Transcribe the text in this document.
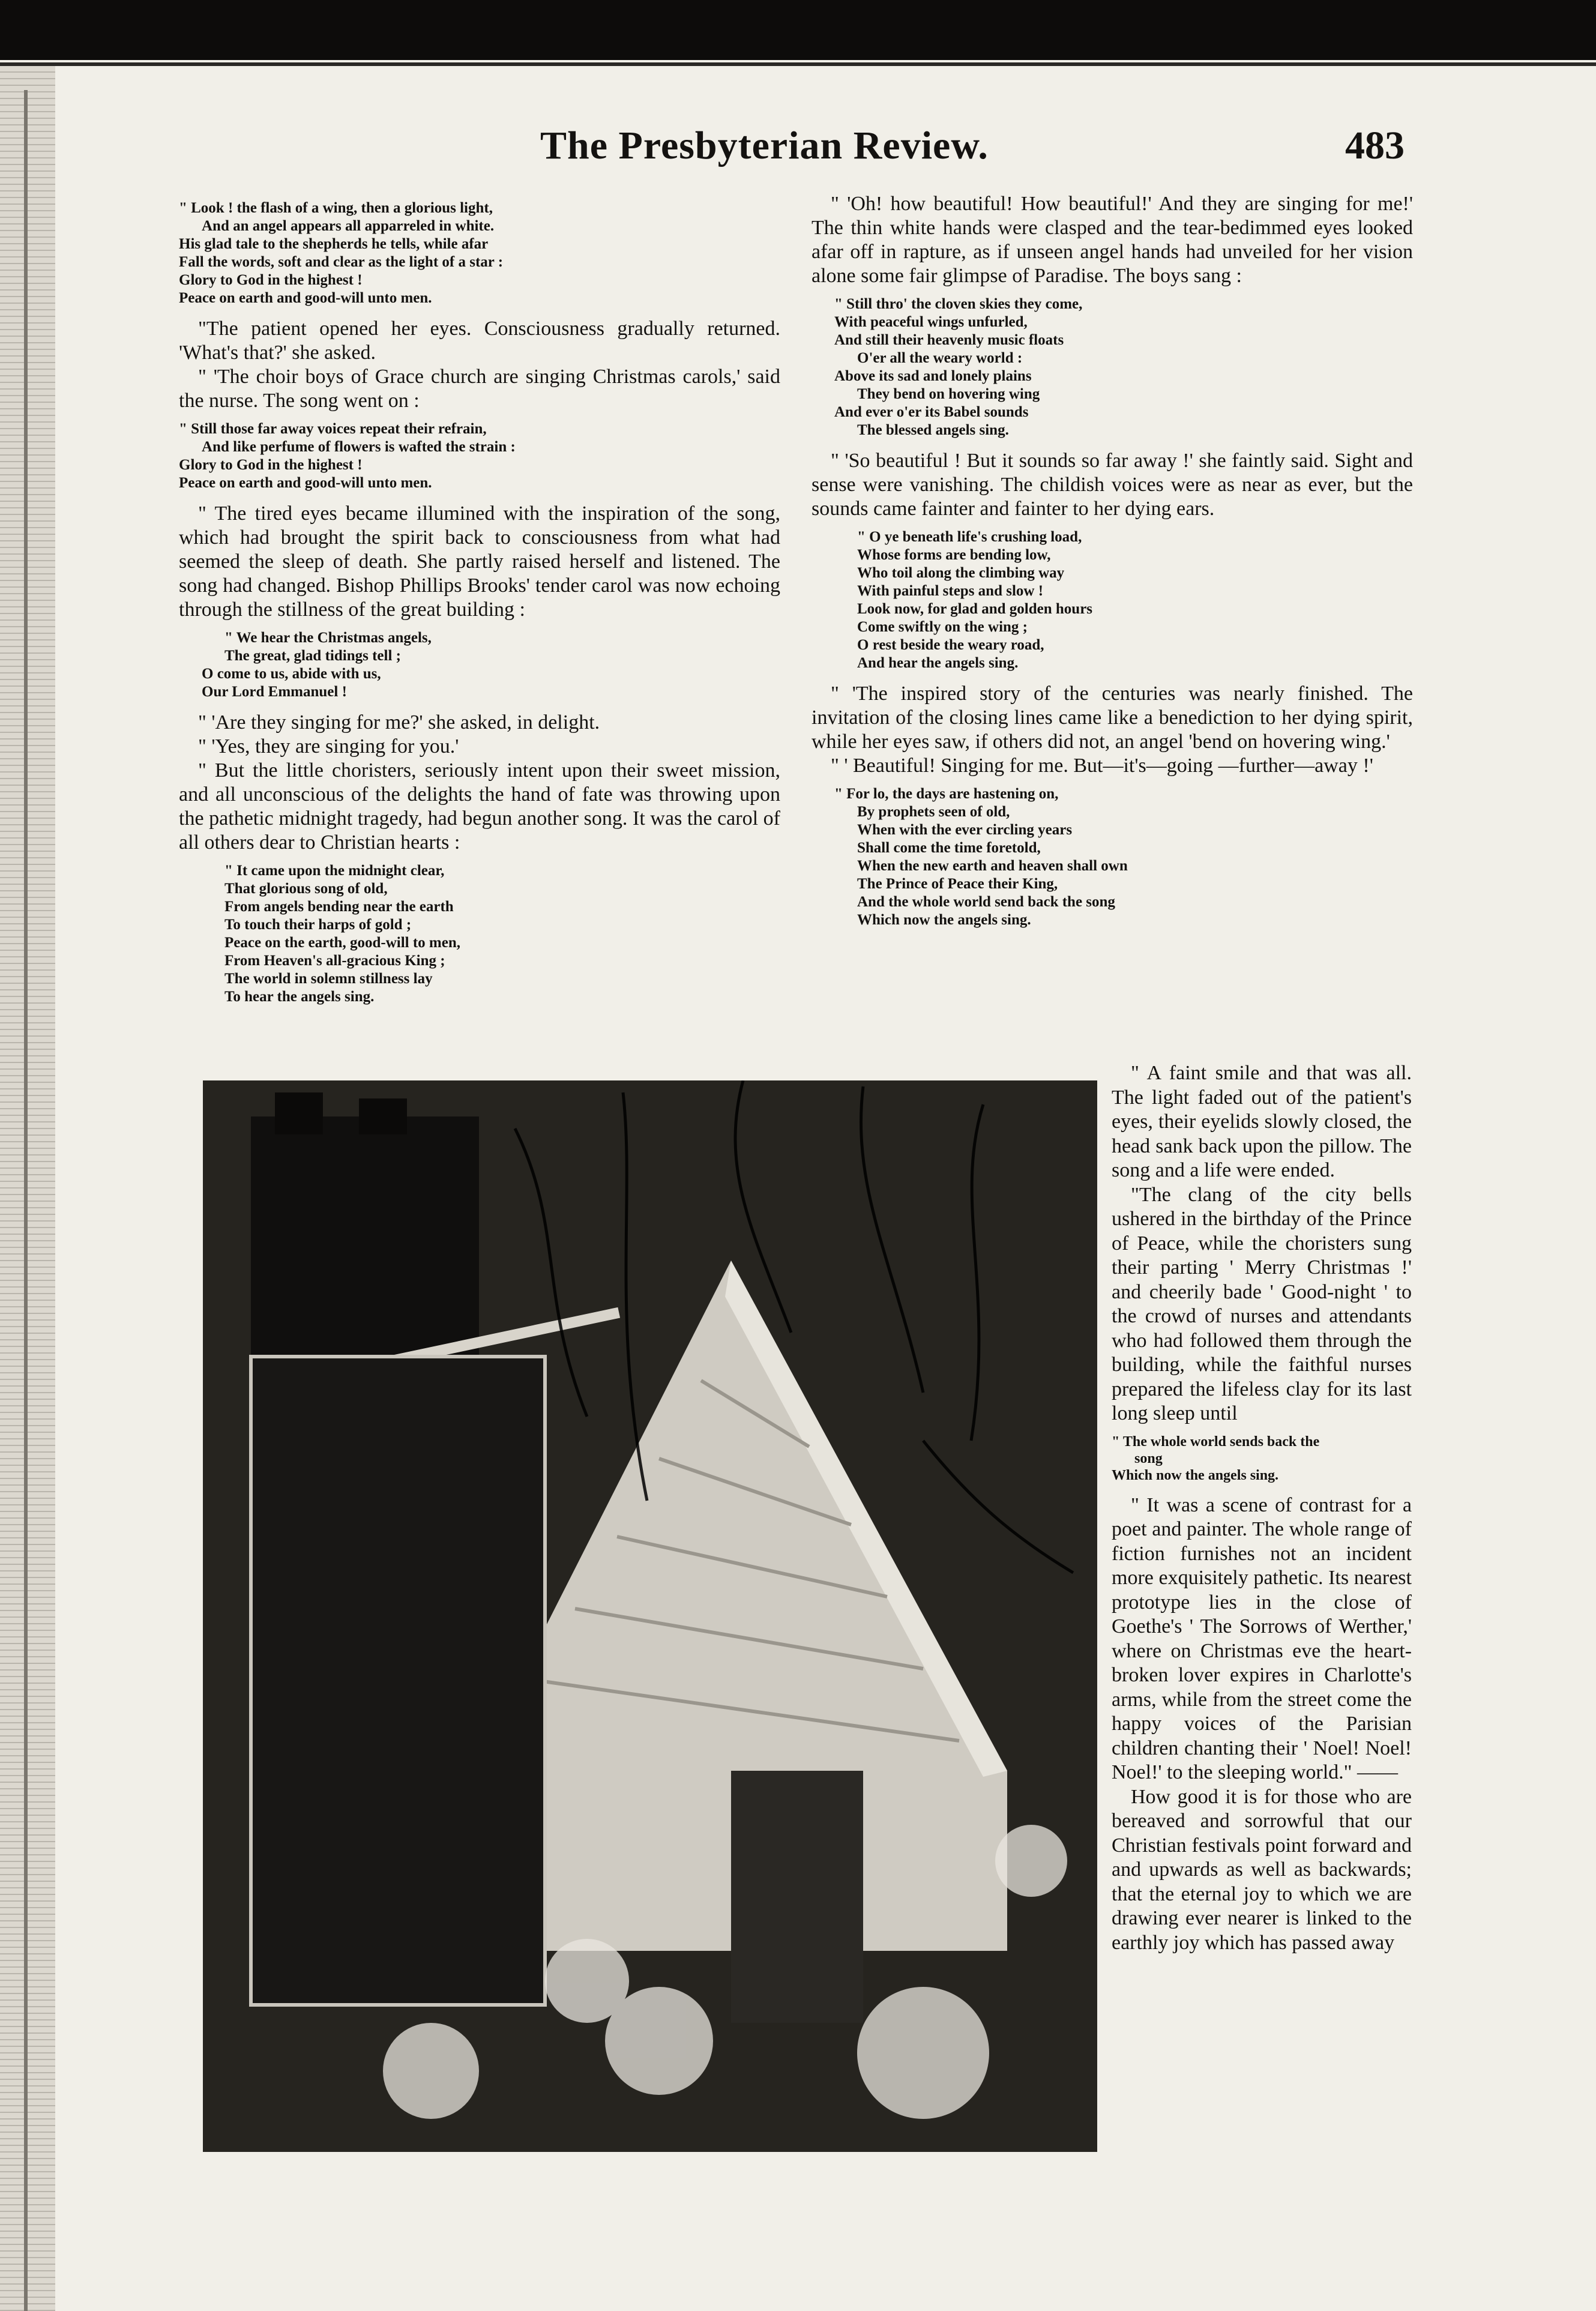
The Presbyterian Review.	483
" Look ! the flash of a wing, then a glorious light,
And an angel appears all apparreled in white.
His glad tale to the shepherds he tells, while afar
Fall the words, soft and clear as the light of a star :
Glory to God in the highest !
Peace on earth and good-will unto men.

"The patient opened her eyes. Consciousness gradually returned. 'What's that?' she asked.

" 'The choir boys of Grace church are singing Christmas carols,' said the nurse. The song went on :

" Still those far away voices repeat their refrain,
And like perfume of flowers is wafted the strain :
Glory to God in the highest !
Peace on earth and good-will unto men.

" The tired eyes became illumined with the inspiration of the song, which had brought the spirit back to consciousness from what had seemed the sleep of death. She partly raised herself and listened. The song had changed. Bishop Phillips Brooks' tender carol was now echoing through the stillness of the great building :

" We hear the Christmas angels,
The great, glad tidings tell ;
O come to us, abide with us,
Our Lord Emmanuel !

" 'Are they singing for me?' she asked, in delight.

" 'Yes, they are singing for you.'

" But the little choristers, seriously intent upon their sweet mission, and all unconscious of the delights the hand of fate was throwing upon the pathetic midnight tragedy, had begun another song. It was the carol of all others dear to Christian hearts :

" It came upon the midnight clear,
That glorious song of old,
From angels bending near the earth
To touch their harps of gold ;
Peace on the earth, good-will to men,
From Heaven's all-gracious King ;
The world in solemn stillness lay
To hear the angels sing.

" 'Oh! how beautiful! How beautiful!' And they are singing for me!' The thin white hands were clasped and the tear-bedimmed eyes looked afar off in rapture, as if unseen angel hands had unveiled for her vision alone some fair glimpse of Paradise. The boys sang :

" Still thro' the cloven skies they come,
With peaceful wings unfurled,
And still their heavenly music floats
O'er all the weary world :
Above its sad and lonely plains
They bend on hovering wing
And ever o'er its Babel sounds
The blessed angels sing.

" 'So beautiful ! But it sounds so far away !' she faintly said. Sight and sense were vanishing. The childish voices were as near as ever, but the sounds came fainter and fainter to her dying ears.

" O ye beneath life's crushing load,
Whose forms are bending low,
Who toil along the climbing way
With painful steps and slow !
Look now, for glad and golden hours
Come swiftly on the wing ;
O rest beside the weary road,
And hear the angels sing.

" 'The inspired story of the centuries was nearly finished. The invitation of the closing lines came like a benediction to her dying spirit, while her eyes saw, if others did not, an angel 'bend on hovering wing.'

" ' Beautiful! Singing for me. But—it's—going —further—away !'

" For lo, the days are hastening on,
By prophets seen of old,
When with the ever circling years
Shall come the time foretold,
When the new earth and heaven shall own
The Prince of Peace their King,
And the whole world send back the song
Which now the angels sing.

" A faint smile and that was all. The light faded out of the patient's eyes, their eyelids slowly closed, the head sank back upon the pillow. The song and a life were ended.

"The clang of the city bells ushered in the birthday of the Prince of Peace, while the choristers sung their parting ' Merry Christmas !' and cheerily bade ' Good-night ' to the crowd of nurses and attendants who had followed them through the building, while the faithful nurses prepared the lifeless clay for its last long sleep until

" The whole world sends back the
song
Which now the angels sing.

" It was a scene of contrast for a poet and painter. The whole range of fiction furnishes not an incident more exquisitely pathetic. Its nearest prototype lies in the close of Goethe's ' The Sorrows of Werther,' where on Christmas eve the heart-broken lover expires in Charlotte's arms, while from the street come the happy voices of the Parisian children chanting their ' Noel! Noel! Noel!' to the sleeping world." ——

How good it is for those who are bereaved and sorrowful that our Christian festivals point forward and and upwards as well as backwards; that the eternal joy to which we are drawing ever nearer is linked to the earthly joy which has passed away
